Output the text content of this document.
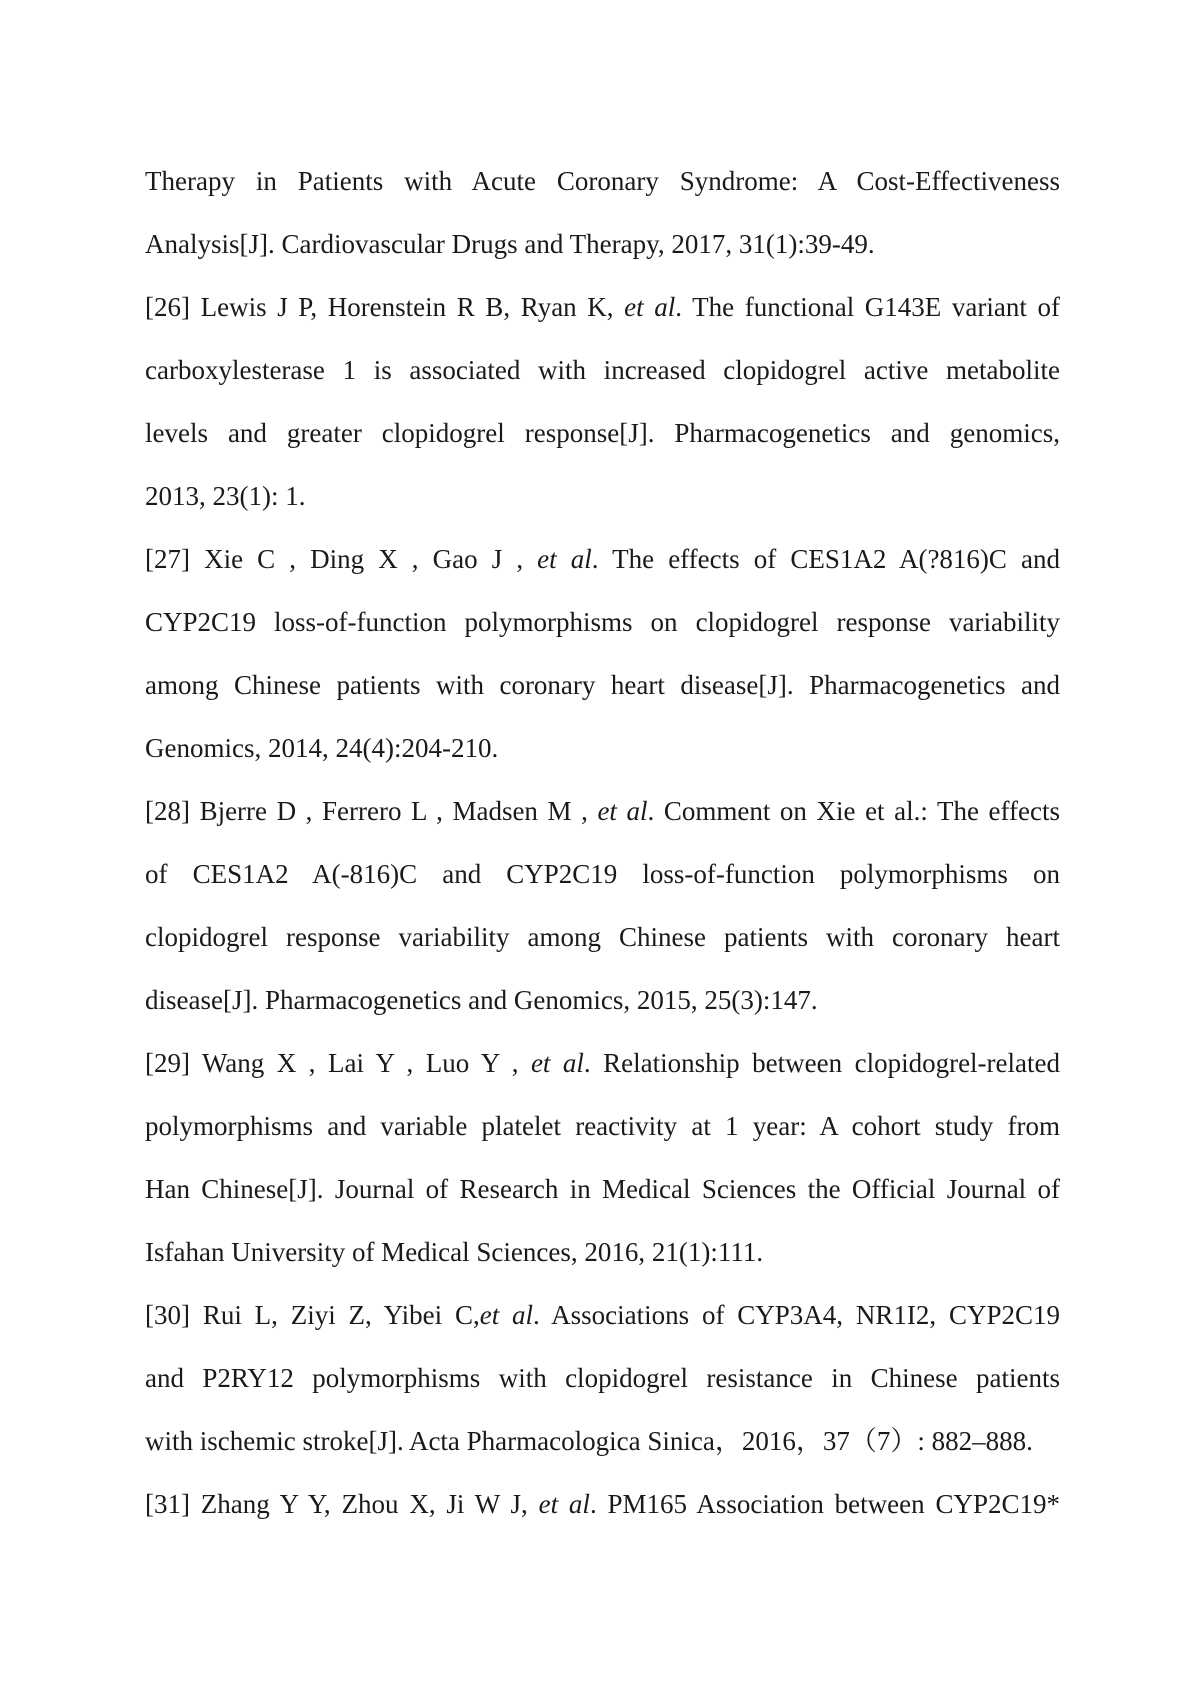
Therapy in Patients with Acute Coronary Syndrome: A Cost-Effectiveness
Analysis[J]. Cardiovascular Drugs and Therapy, 2017, 31(1):39-49.
[26] Lewis J P, Horenstein R B, Ryan K, et al. The functional G143E variant of
carboxylesterase 1 is associated with increased clopidogrel active metabolite
levels and greater clopidogrel response[J]. Pharmacogenetics and genomics,
2013, 23(1): 1.
[27] Xie C , Ding X , Gao J , et al. The effects of CES1A2 A(?816)C and
CYP2C19 loss-of-function polymorphisms on clopidogrel response variability
among Chinese patients with coronary heart disease[J]. Pharmacogenetics and
Genomics, 2014, 24(4):204-210.
[28] Bjerre D , Ferrero L , Madsen M , et al. Comment on Xie et al.: The effects
of CES1A2 A(-816)C and CYP2C19 loss-of-function polymorphisms on
clopidogrel response variability among Chinese patients with coronary heart
disease[J]. Pharmacogenetics and Genomics, 2015, 25(3):147.
[29] Wang X , Lai Y , Luo Y , et al. Relationship between clopidogrel-related
polymorphisms and variable platelet reactivity at 1 year: A cohort study from
Han Chinese[J]. Journal of Research in Medical Sciences the Official Journal of
Isfahan University of Medical Sciences, 2016, 21(1):111.
[30] Rui L, Ziyi Z, Yibei C,et al. Associations of CYP3A4, NR1I2, CYP2C19
and P2RY12 polymorphisms with clopidogrel resistance in Chinese patients
with ischemic stroke[J]. Acta Pharmacologica Sinica，2016，37（7）: 882–888.
[31] Zhang Y Y, Zhou X, Ji W J, et al. PM165 Association between CYP2C19*
